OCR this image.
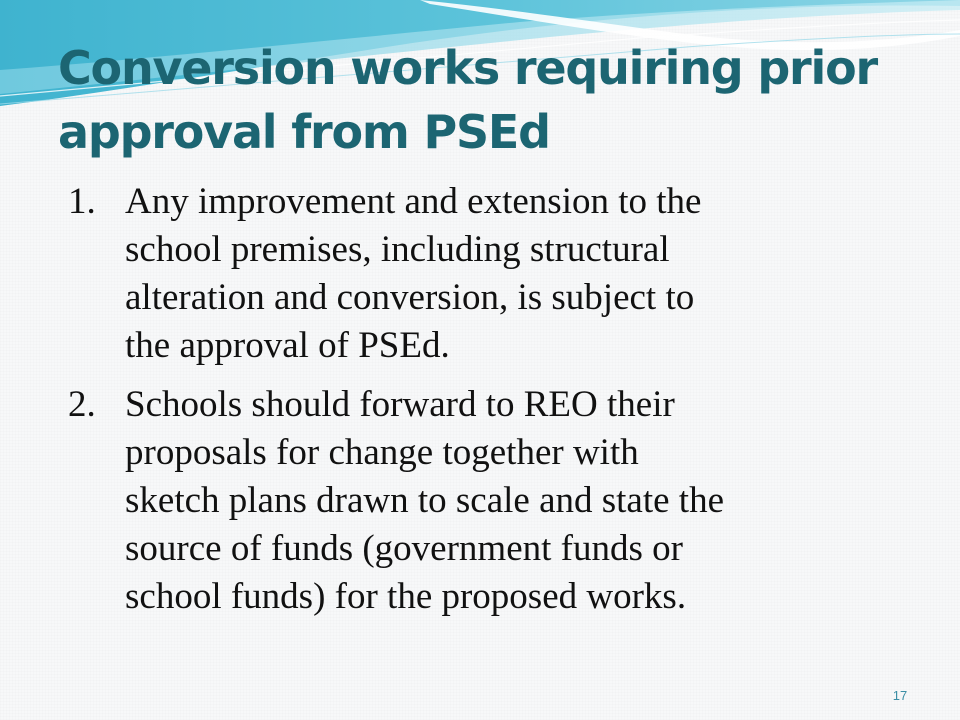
Conversion works requiring prior approval from PSEd
1. Any improvement and extension to the
school premises, including structural
alteration and conversion, is subject to
the approval of PSEd.
2. Schools should forward to REO their
proposals for change together with
sketch plans drawn to scale and state the
source of funds (government funds or
school funds) for the proposed works.
17
